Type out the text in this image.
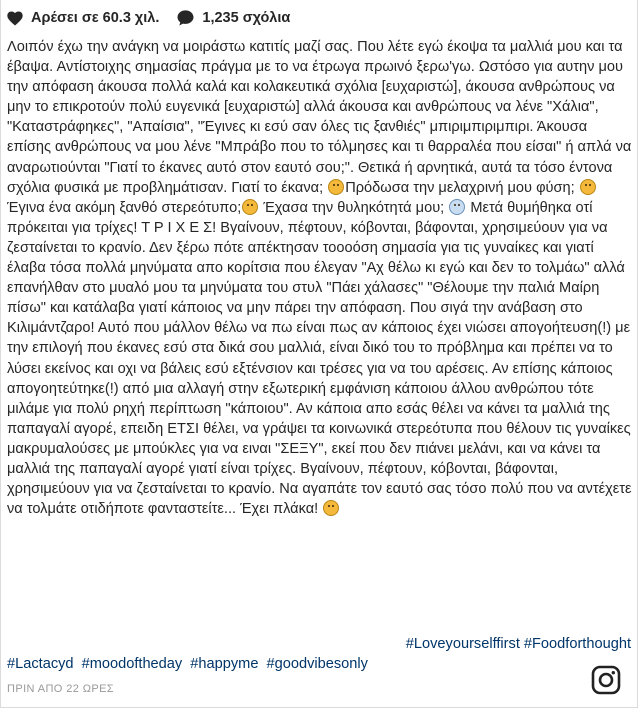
Αρέσει σε 60.3 χιλ.	1,235 σχόλια

Λοιπόν έχω την ανάγκη να μοιράστω κατιτίς μαζί σας. Που λέτε εγώ έκοψα τα μαλλιά μου και τα έβαψα. Αντίστοιχης σημασίας πράγμα με το να έτρωγα πρωινό ξερω'γω. Ωστόσο για αυτην μου την απόφαση άκουσα πολλά καλά και κολακευτικά σχόλια [ευχαριστώ], άκουσα ανθρώπους να μην το επικροτούν πολύ ευγενικά [ευχαριστώ] αλλά άκουσα και ανθρώπους να λένε "Χάλια", "Καταστράφηκες", "Απαίσια", "Έγινες κι εσύ σαν όλες τις ξανθιές" μπιριμπιριμπιρι. Άκουσα επίσης ανθρώπους να μου λένε "Μπράβο που το τόλμησες και τι θαρραλέα που είσαι" ή απλά να αναρωτιούνται "Γιατί το έκανες αυτό στον εαυτό σου;". Θετικά ή αρνητικά, αυτά τα τόσο έντονα σχόλια φυσικά με προβλημάτισαν. Γιατί το έκανα; Πρόδωσα την μελαχρινή μου φύση;  Έγινα ένα ακόμη ξανθό στερεότυπο; Έχασα την θυληκότητά μου;  Μετά θυμήθηκα οτί πρόκειται για τρίχες! Τ Ρ Ι Χ Ε Σ! Βγαίνουν, πέφτουν, κόβονται, βάφονται, χρησιμεύουν για να ζεσταίνεται το κρανίο. Δεν ξέρω πότε απέκτησαν τοοοόση σημασία για τις γυναίκες και γιατί έλαβα τόσα πολλά μηνύματα απο κορίτσια που έλεγαν "Αχ θέλω κι εγώ και δεν το τολμάω" αλλά επανήλθαν στο μυαλό μου τα μηνύματα του στυλ "Πάει χάλασες" "Θέλουμε την παλιά Μαίρη πίσω" και κατάλαβα γιατί κάποιος να μην πάρει την απόφαση. Που σιγά την ανάβαση στο Κιλιμάντζαρο! Αυτό που μάλλον θέλω να πω είναι πως αν κάποιος έχει νιώσει απογοήτευση(!) με την επιλογή που έκανες εσύ στα δικά σου μαλλιά, είναι δικό του το πρόβλημα και πρέπει να το λύσει εκείνος και οχι να βάλεις εσύ εξτένσιον και τρέσες για να του αρέσεις. Αν επίσης κάποιος απογοητεύτηκε(!) από μια αλλαγή στην εξωτερική εμφάνιση κάποιου άλλου ανθρώπου τότε μιλάμε για πολύ ρηχή περίπτωση "κάποιου". Αν κάποια απο εσάς θέλει να κάνει τα μαλλιά της παπαγαλί αγορέ, επειδη ΕΤΣΙ θέλει, να γράψει τα κοινωνικά στερεότυπα που θέλουν τις γυναίκες μακρυμαλούσες με μπούκλες για να ειναι "ΣΕΞΥ", εκεί που δεν πιάνει μελάνι, και να κάνει τα μαλλιά της παπαγαλί αγορέ γιατί είναι τρίχες. Βγαίνουν, πέφτουν, κόβονται, βάφονται, χρησιμεύουν για να ζεσταίνεται το κρανίο. Να αγαπάτε τον εαυτό σας τόσο πολύ που να αντέχετε να τολμάτε οτιδήποτε φανταστείτε... Έχει πλάκα!

#Loveyourselffirst #Foodforthought
#Lactacyd #moodoftheday #happyme #goodvibesonly
ΠΡΙΝ ΑΠΟ 22 ΩΡΕΣ
